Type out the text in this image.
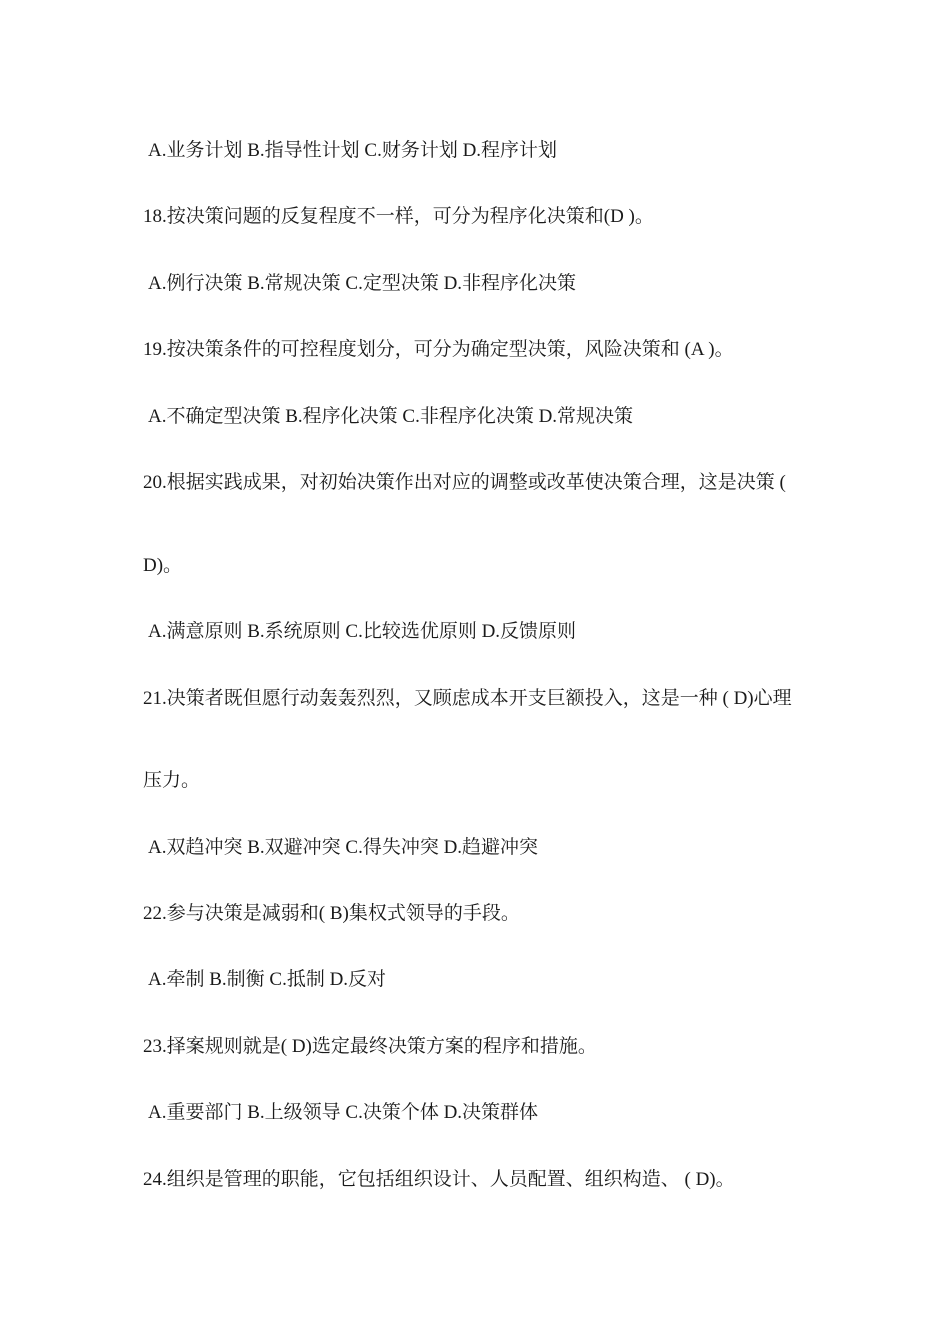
A.业务计划 B.指导性计划 C.财务计划 D.程序计划
18.按决策问题的反复程度不一样，可分为程序化决策和(D )。
A.例行决策 B.常规决策 C.定型决策 D.非程序化决策
19.按决策条件的可控程度划分，可分为确定型决策，风险决策和 (A )。
A.不确定型决策 B.程序化决策 C.非程序化决策 D.常规决策
20.根据实践成果，对初始决策作出对应的调整或改革使决策合理，这是决策 (
D)。
A.满意原则 B.系统原则 C.比较选优原则 D.反馈原则
21.决策者既但愿行动轰轰烈烈，又顾虑成本开支巨额投入，这是一种 ( D)心理
压力。
A.双趋冲突 B.双避冲突 C.得失冲突 D.趋避冲突
22.参与决策是减弱和( B)集权式领导的手段。
A.牵制 B.制衡 C.抵制 D.反对
23.择案规则就是( D)选定最终决策方案的程序和措施。
A.重要部门 B.上级领导 C.决策个体 D.决策群体
24.组织是管理的职能，它包括组织设计、人员配置、组织构造、 ( D)。
